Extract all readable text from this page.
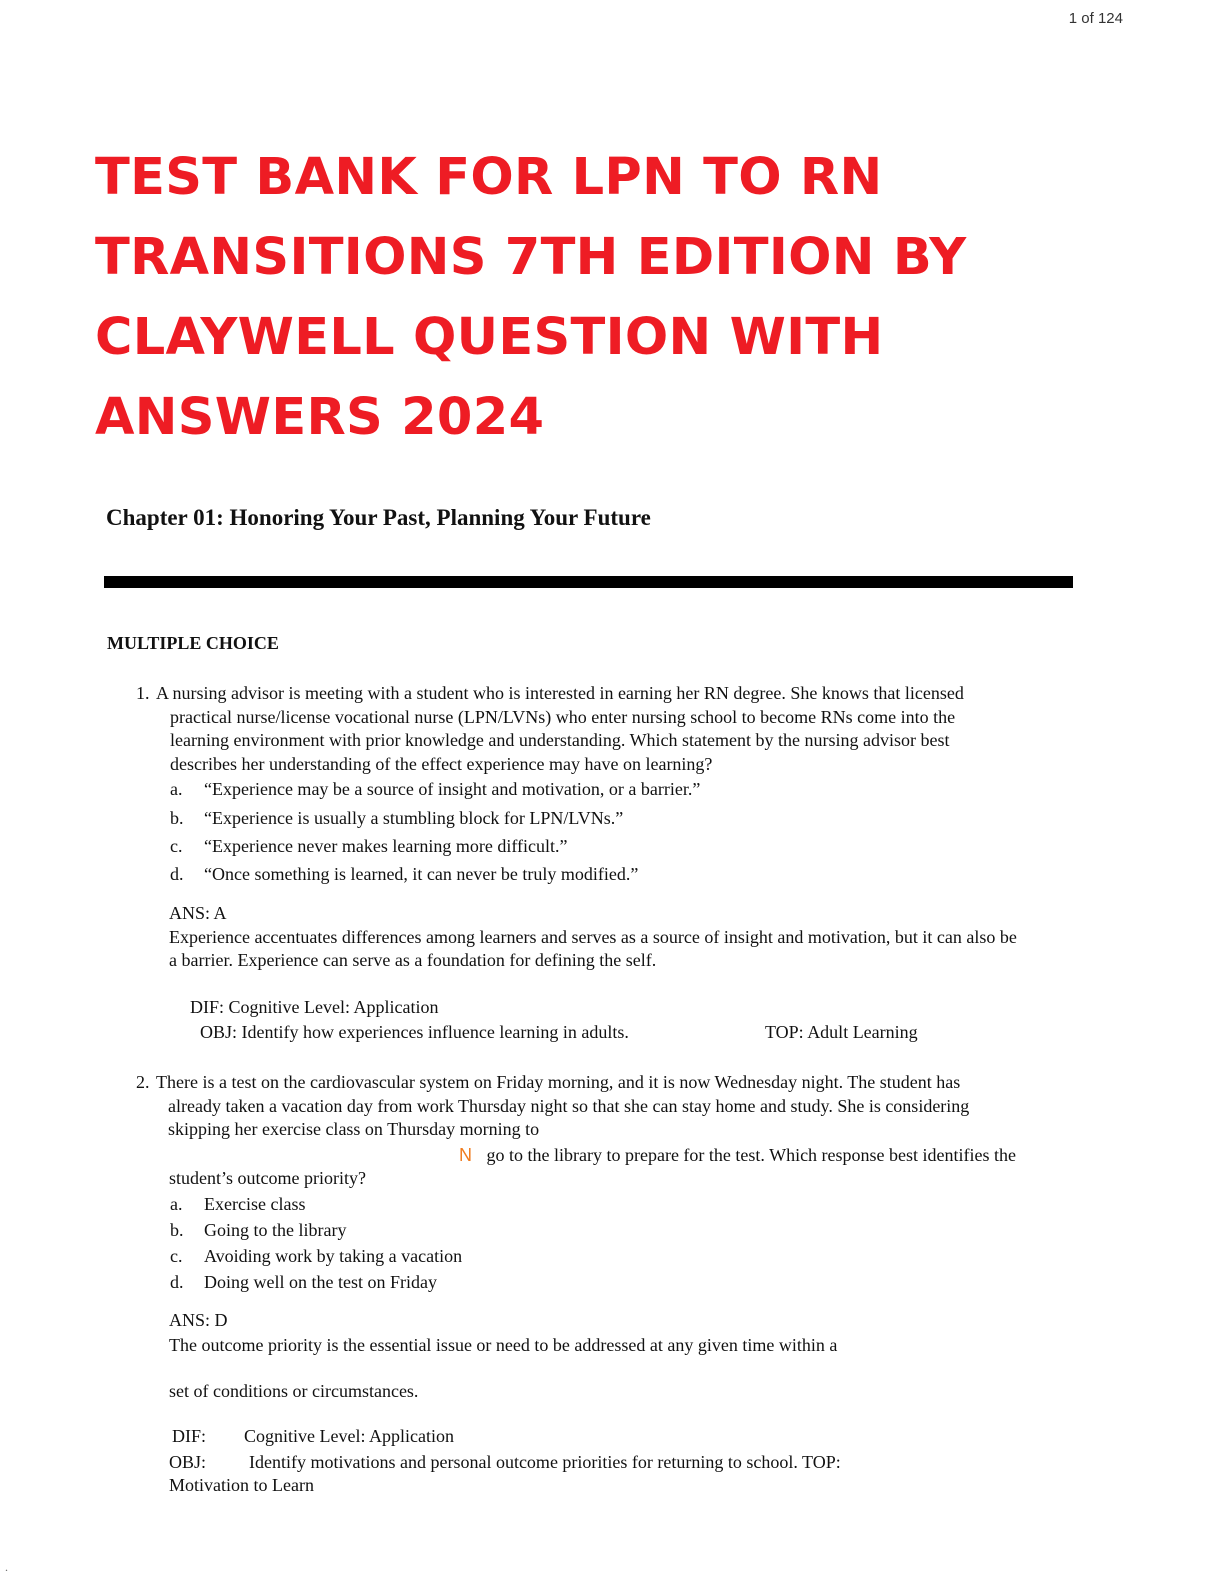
1 of 124
TEST BANK FOR LPN TO RN
TRANSITIONS 7TH EDITION BY
CLAYWELL QUESTION WITH
ANSWERS 2024
Chapter 01: Honoring Your Past, Planning Your Future
MULTIPLE CHOICE
1. A nursing advisor is meeting with a student who is interested in earning her RN degree. She knows that licensed
practical nurse/license vocational nurse (LPN/LVNs) who enter nursing school to become RNs come into the
learning environment with prior knowledge and understanding. Which statement by the nursing advisor best
describes her understanding of the effect experience may have on learning?
a. “Experience may be a source of insight and motivation, or a barrier.”
b. “Experience is usually a stumbling block for LPN/LVNs.”
c. “Experience never makes learning more difficult.”
d. “Once something is learned, it can never be truly modified.”
ANS: A
Experience accentuates differences among learners and serves as a source of insight and motivation, but it can also be
a barrier. Experience can serve as a foundation for defining the self.
DIF: Cognitive Level: Application
OBJ: Identify how experiences influence learning in adults.	TOP: Adult Learning
2. There is a test on the cardiovascular system on Friday morning, and it is now Wednesday night. The student has
already taken a vacation day from work Thursday night so that she can stay home and study. She is considering
skipping her exercise class on Thursday morning to
N go to the library to prepare for the test. Which response best identifies the
student’s outcome priority?
a. Exercise class
b. Going to the library
c. Avoiding work by taking a vacation
d. Doing well on the test on Friday
ANS: D
The outcome priority is the essential issue or need to be addressed at any given time within a
set of conditions or circumstances.
DIF: Cognitive Level: Application
OBJ: Identify motivations and personal outcome priorities for returning to school. TOP:
Motivation to Learn
.
